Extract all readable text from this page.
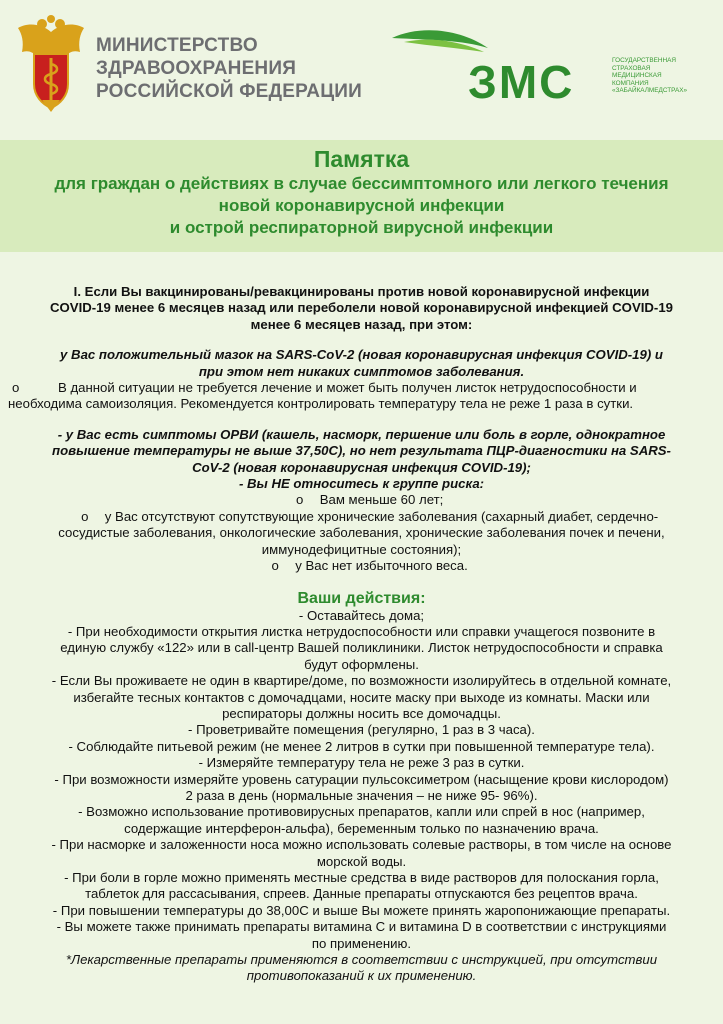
МИНИСТЕРСТВО
ЗДРАВООХРАНЕНИЯ
РОССИЙСКОЙ ФЕДЕРАЦИИ ЗМС	ГОСУДАРСТВЕННАЯ
СТРАХОВАЯ
МЕДИЦИНСКАЯ
КОМПАНИЯ
«ЗАБАЙКАЛМЕДСТРАХ»
Памятка
для граждан о действиях в случае бессимптомного или легкого течения
новой коронавирусной инфекции
и острой респираторной вирусной инфекции

I. Если Вы вакцинированы/ревакцинированы против новой коронавирусной инфекции

COVID-19 менее 6 месяцев назад или переболели новой коронавирусной инфекцией COVID-19

менее 6 месяцев назад, при этом:

у Вас положительный мазок на SARS-CoV-2 (новая коронавирусная инфекция COVID-19) и

при этом нет никаких симптомов заболевания.

o	В данной ситуации не требуется лечение и может быть получен листок нетрудоспособности и

необходима самоизоляция. Рекомендуется контролировать температуру тела не реже 1 раза в сутки.

- у Вас есть симптомы ОРВИ (кашель, насморк, першение или боль в горле, однократное

повышение температуры не выше 37,50С), но нет результата ПЦР-диагностики на SARS-

CoV-2 (новая коронавирусная инфекция COVID-19);

- Вы НЕ относитесь к группе риска:

o Вам меньше 60 лет;

o у Вас отсутствуют сопутствующие хронические заболевания (сахарный диабет, сердечно-

сосудистые заболевания, онкологические заболевания, хронические заболевания почек и печени,

иммунодефицитные состояния);

o у Вас нет избыточного веса.

Ваши действия:

- Оставайтесь дома;

- При необходимости открытия листка нетрудоспособности или справки учащегося позвоните в

единую службу «122» или в call-центр Вашей поликлиники. Листок нетрудоспособности и справка

будут оформлены.

- Если Вы проживаете не один в квартире/доме, по возможности изолируйтесь в отдельной комнате,

избегайте тесных контактов с домочадцами, носите маску при выходе из комнаты. Маски или

респираторы должны носить все домочадцы.

- Проветривайте помещения (регулярно, 1 раз в 3 часа).

- Соблюдайте питьевой режим (не менее 2 литров в сутки при повышенной температуре тела).

- Измеряйте температуру тела не реже 3 раз в сутки.

- При возможности измеряйте уровень сатурации пульсоксиметром (насыщение крови кислородом)

2 раза в день (нормальные значения – не ниже 95- 96%).

- Возможно использование противовирусных препаратов, капли или спрей в нос (например,

содержащие интерферон-альфа), беременным только по назначению врача.

- При насморке и заложенности носа можно использовать солевые растворы, в том числе на основе

морской воды.

- При боли в горле можно применять местные средства в виде растворов для полоскания горла,

таблеток для рассасывания, спреев. Данные препараты отпускаются без рецептов врача.

- При повышении температуры до 38,00С и выше Вы можете принять жаропонижающие препараты.

- Вы можете также принимать препараты витамина С и витамина D в соответствии с инструкциями

по применению.

*Лекарственные препараты применяются в соответствии с инструкцией, при отсутствии

противопоказаний к их применению.
